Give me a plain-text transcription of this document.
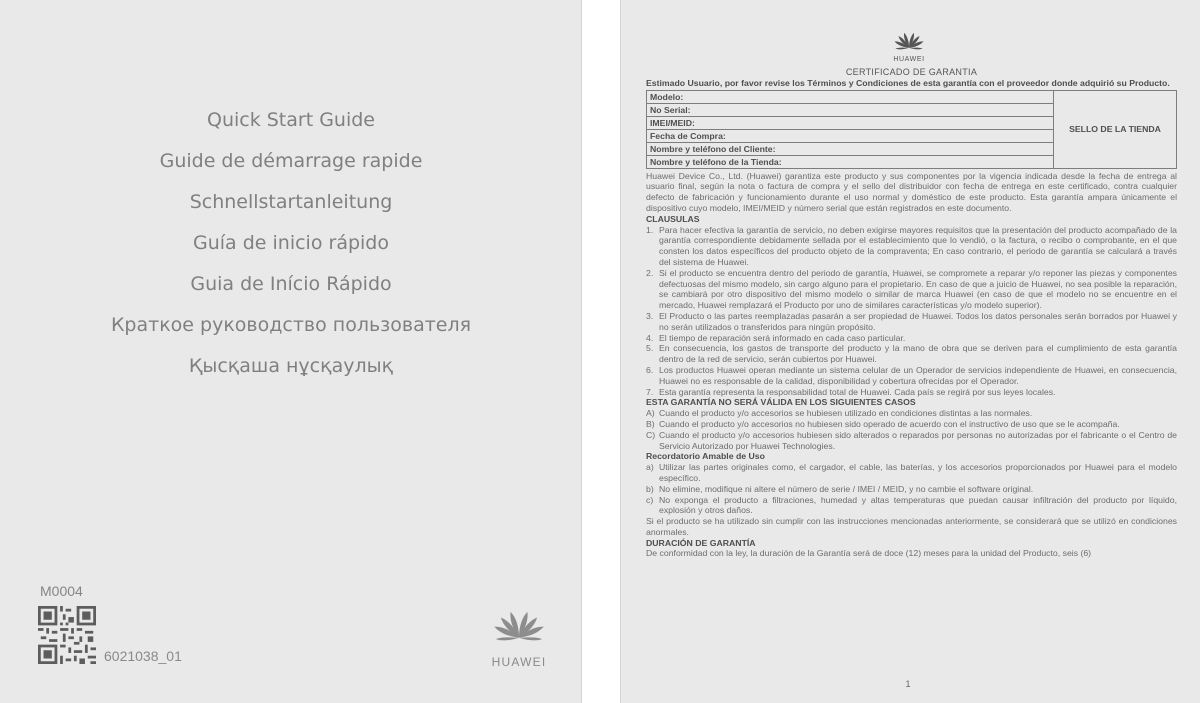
Quick Start Guide
Guide de démarrage rapide
Schnellstartanleitung
Guía de inicio rápido
Guia de Início Rápido
Краткое руководство пользователя
Қысқаша нұсқаулық
M0004
6021038_01	HUAWEI
HUAWEI
CERTIFICADO DE GARANTIA

Estimado Usuario, por favor revise los Términos y Condiciones de esta garantía con el proveedor donde adquirió su Producto.

Modelo:	SELLO DE LA TIENDA
No Serial:
IMEI/MEID:
Fecha de Compra:
Nombre y teléfono del Cliente:
Nombre y teléfono de la Tienda:

Huawei Device Co., Ltd. (Huawei) garantiza este producto y sus componentes por la vigencia indicada desde la fecha de entrega al usuario final, según la nota o factura de compra y el sello del distribuidor con fecha de entrega en este certificado, contra cualquier defecto de fabricación y funcionamiento durante el uso normal y doméstico de este producto. Esta garantía ampara únicamente el dispositivo cuyo modelo, IMEI/MEID y número serial que están registrados en este documento.

CLAUSULAS

1. Para hacer efectiva la garantía de servicio, no deben exigirse mayores requisitos que la presentación del producto acompañado de la garantía correspondiente debidamente sellada por el establecimiento que lo vendió, o la factura, o recibo o comprobante, en el que consten los datos específicos del producto objeto de la compraventa; En caso contrario, el periodo de garantía se calculará a través del sistema de Huawei.
2. Si el producto se encuentra dentro del periodo de garantía, Huawei, se compromete a reparar y/o reponer las piezas y componentes defectuosas del mismo modelo, sin cargo alguno para el propietario. En caso de que a juicio de Huawei, no sea posible la reparación, se cambiará por otro dispositivo del mismo modelo o similar de marca Huawei (en caso de que el modelo no se encuentre en el mercado, Huawei remplazará el Producto por uno de similares características y/o modelo superior).
3. El Producto o las partes reemplazadas pasarán a ser propiedad de Huawei. Todos los datos personales serán borrados por Huawei y no serán utilizados o transferidos para ningún propósito.
4. El tiempo de reparación será informado en cada caso particular.
5. En consecuencia, los gastos de transporte del producto y la mano de obra que se deriven para el cumplimiento de esta garantía dentro de la red de servicio, serán cubiertos por Huawei.
6. Los productos Huawei operan mediante un sistema celular de un Operador de servicios independiente de Huawei, en consecuencia, Huawei no es responsable de la calidad, disponibilidad y cobertura ofrecidas por el Operador.
7. Esta garantía representa la responsabilidad total de Huawei. Cada país se regirá por sus leyes locales.

ESTA GARANTÍA NO SERÁ VÁLIDA EN LOS SIGUIENTES CASOS

A) Cuando el producto y/o accesorios se hubiesen utilizado en condiciones distintas a las normales.
B) Cuando el producto y/o accesorios no hubiesen sido operado de acuerdo con el instructivo de uso que se le acompaña.
C) Cuando el producto y/o accesorios hubiesen sido alterados o reparados por personas no autorizadas por el fabricante o el Centro de Servicio Autorizado por Huawei Technologies.

Recordatorio Amable de Uso

a) Utilizar las partes originales como, el cargador, el cable, las baterías, y los accesorios proporcionados por Huawei para el modelo específico.
b) No elimine, modifique ni altere el número de serie / IMEI / MEID, y no cambie el software original.
c) No exponga el producto a filtraciones, humedad y altas temperaturas que puedan causar infiltración del producto por líquido, explosión y otros daños.

Si el producto se ha utilizado sin cumplir con las instrucciones mencionadas anteriormente, se considerará que se utilizó en condiciones anormales.

DURACIÓN DE GARANTÍA

De conformidad con la ley, la duración de la Garantía será de doce (12) meses para la unidad del Producto, seis (6)

1
